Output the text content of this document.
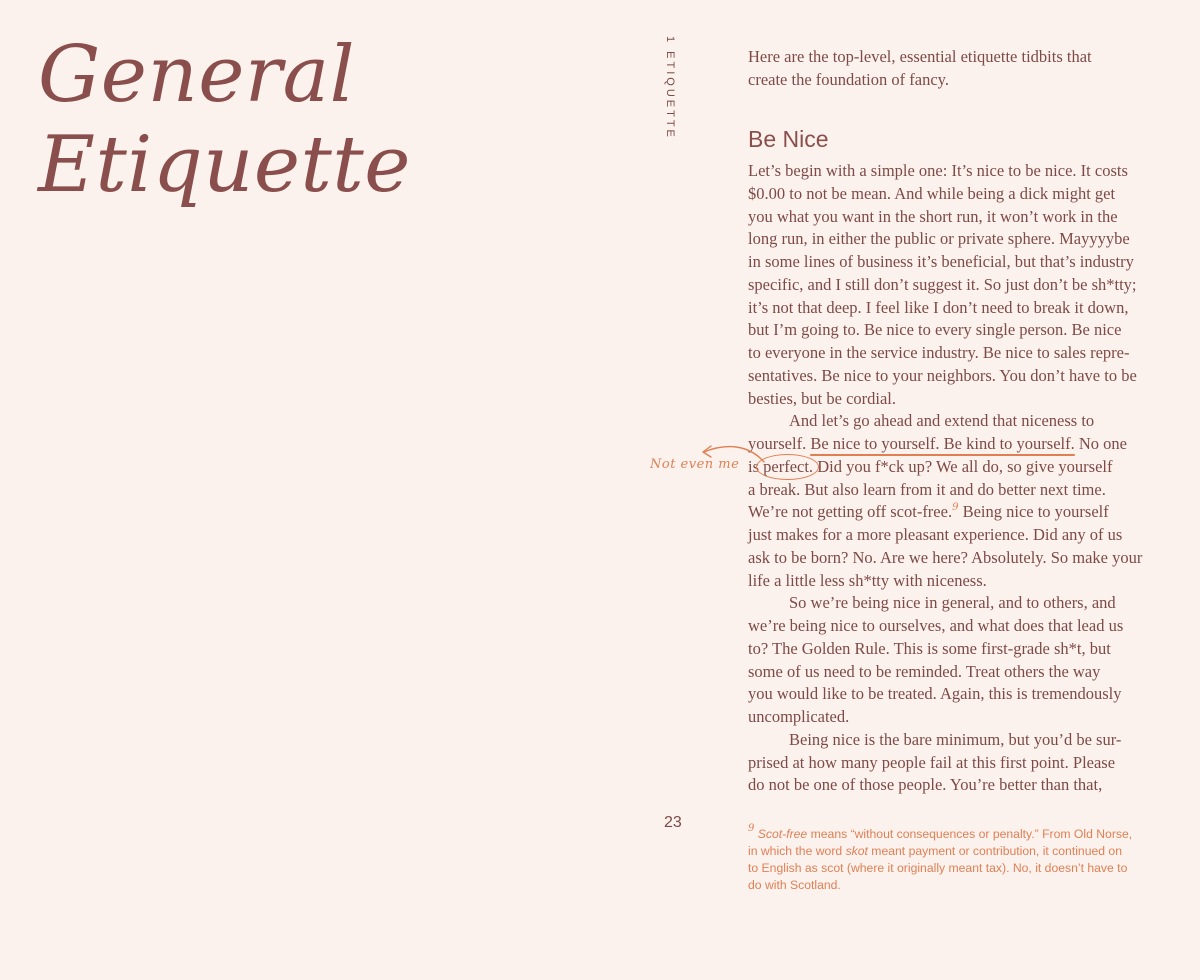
General
Etiquette
1 ETIQUETTE
23
Here are the top-level, essential etiquette tidbits that
create the foundation of fancy.
Be Nice
Let’s begin with a simple one: It’s nice to be nice. It costs
$0.00 to not be mean. And while being a dick might get
you what you want in the short run, it won’t work in the
long run, in either the public or private sphere. Mayyyybe
in some lines of business it’s beneficial, but that’s industry
specific, and I still don’t suggest it. So just don’t be sh*tty;
it’s not that deep. I feel like I don’t need to break it down,
but I’m going to. Be nice to every single person. Be nice
to everyone in the service industry. Be nice to sales repre-
sentatives. Be nice to your neighbors. You don’t have to be
besties, but be cordial.
And let’s go ahead and extend that niceness to
yourself. Be nice to yourself. Be kind to yourself. No one
is perfect. Did you f*ck up? We all do, so give yourself
a break. But also learn from it and do better next time.
We’re not getting off scot-free.$^9$ Being nice to yourself
just makes for a more pleasant experience. Did any of us
ask to be born? No. Are we here? Absolutely. So make your
life a little less sh*tty with niceness.
So we’re being nice in general, and to others, and
we’re being nice to ourselves, and what does that lead us
to? The Golden Rule. This is some first-grade sh*t, but
some of us need to be reminded. Treat others the way
you would like to be treated. Again, this is tremendously
uncomplicated.
Being nice is the bare minimum, but you’d be sur-
prised at how many people fail at this first point. Please
do not be one of those people. You’re better than that,
Not even me
$^9$ Scot-free means “without consequences or penalty.” From Old Norse,
in which the word skot meant payment or contribution, it continued on
to English as scot (where it originally meant tax). No, it doesn’t have to
do with Scotland.
